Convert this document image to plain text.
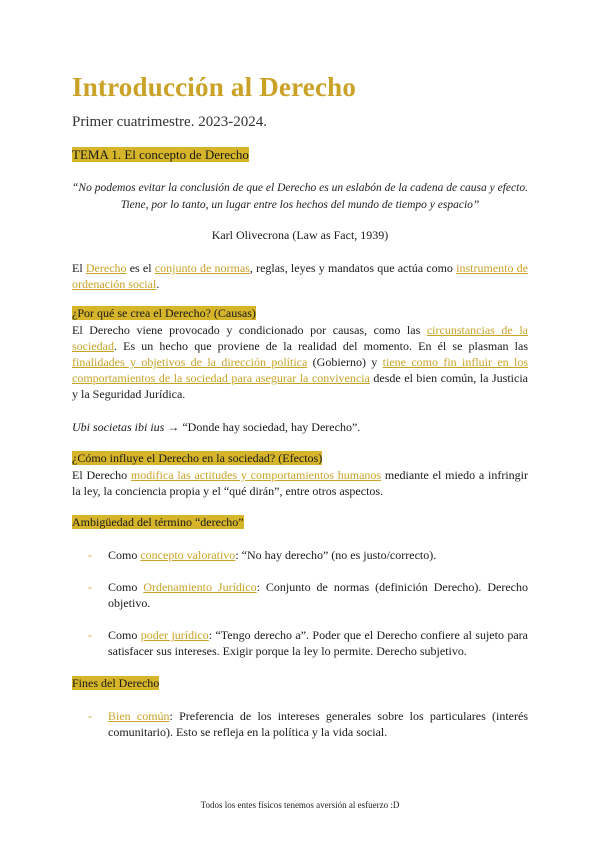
Introducción al Derecho
Primer cuatrimestre. 2023-2024.
TEMA 1. El concepto de Derecho
“No podemos evitar la conclusión de que el Derecho es un eslabón de la cadena de causa y efecto. Tiene, por lo tanto, un lugar entre los hechos del mundo de tiempo y espacio”
Karl Olivecrona (Law as Fact, 1939)
El Derecho es el conjunto de normas, reglas, leyes y mandatos que actúa como instrumento de ordenación social.
¿Por qué se crea el Derecho? (Causas)
El Derecho viene provocado y condicionado por causas, como las circunstancias de la sociedad. Es un hecho que proviene de la realidad del momento. En él se plasman las finalidades y objetivos de la dirección política (Gobierno) y tiene como fin influir en los comportamientos de la sociedad para asegurar la convivencia desde el bien común, la Justicia y la Seguridad Jurídica.
Ubi societas ibi ius → “Donde hay sociedad, hay Derecho”.
¿Cómo influye el Derecho en la sociedad? (Efectos)
El Derecho modifica las actitudes y comportamientos humanos mediante el miedo a infringir la ley, la conciencia propia y el “qué dirán”, entre otros aspectos.
Ambigüedad del término “derecho”
- Como concepto valorativo: “No hay derecho” (no es justo/correcto).
- Como Ordenamiento Jurídico: Conjunto de normas (definición Derecho). Derecho objetivo.
- Como poder jurídico: “Tengo derecho a”. Poder que el Derecho confiere al sujeto para satisfacer sus intereses. Exigir porque la ley lo permite. Derecho subjetivo.
Fines del Derecho
- Bien común: Preferencia de los intereses generales sobre los particulares (interés comunitario). Esto se refleja en la política y la vida social.
Todos los entes físicos tenemos aversión al esfuerzo :D
